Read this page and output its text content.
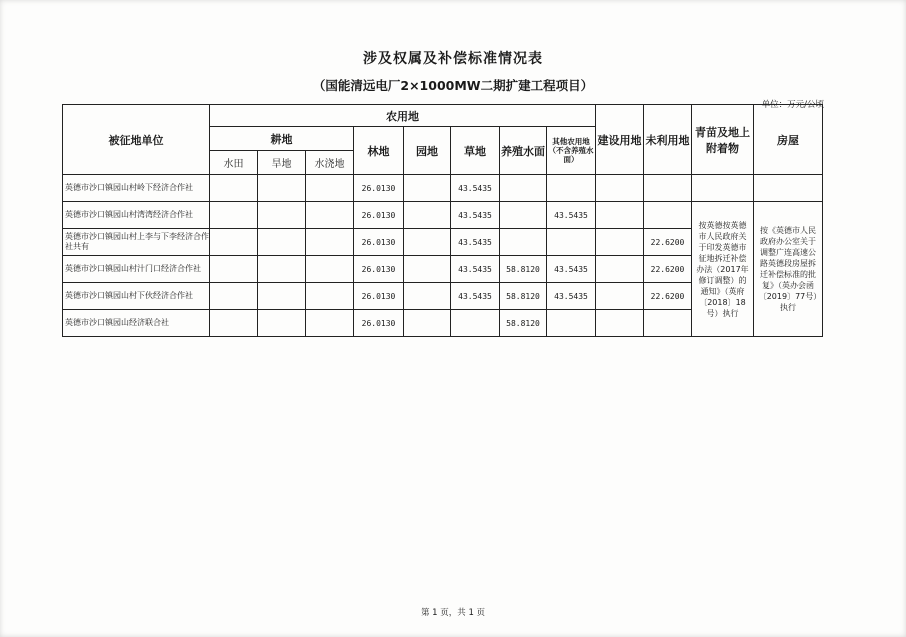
涉及权属及补偿标准情况表
（国能清远电厂2×1000MW二期扩建工程项目）
单位：万元/公顷
被征地单位	农用地								建设用地	未利用地	青苗及地上附着物	房屋
	耕地			林地	园地	草地	养殖水面	其他农用地（不含养殖水面）				
	水田	旱地	水浇地									
英德市沙口镇园山村岭下经济合作社				26.0130		43.5435						
英德市沙口镇园山村湾湾经济合作社				26.0130		43.5435		43.5435			按英德按英德市人民政府关于印发英德市征地拆迁补偿办法（2017年修订调整）的通知》（英府〔2018〕18号）执行	按《英德市人民政府办公室关于调整广连高速公路英德段房屋拆迁补偿标准的批复》（英办会函〔2019〕77号）执行
英德市沙口镇园山村上李与下李经济合作社共有				26.0130		43.5435				22.6200		
英德市沙口镇园山村汁门口经济合作社				26.0130		43.5435	58.8120	43.5435		22.6200		
英德市沙口镇园山村下伙经济合作社				26.0130		43.5435	58.8120	43.5435		22.6200		
英德市沙口镇园山经济联合社				26.0130			58.8120					
第 1 页，共 1 页
